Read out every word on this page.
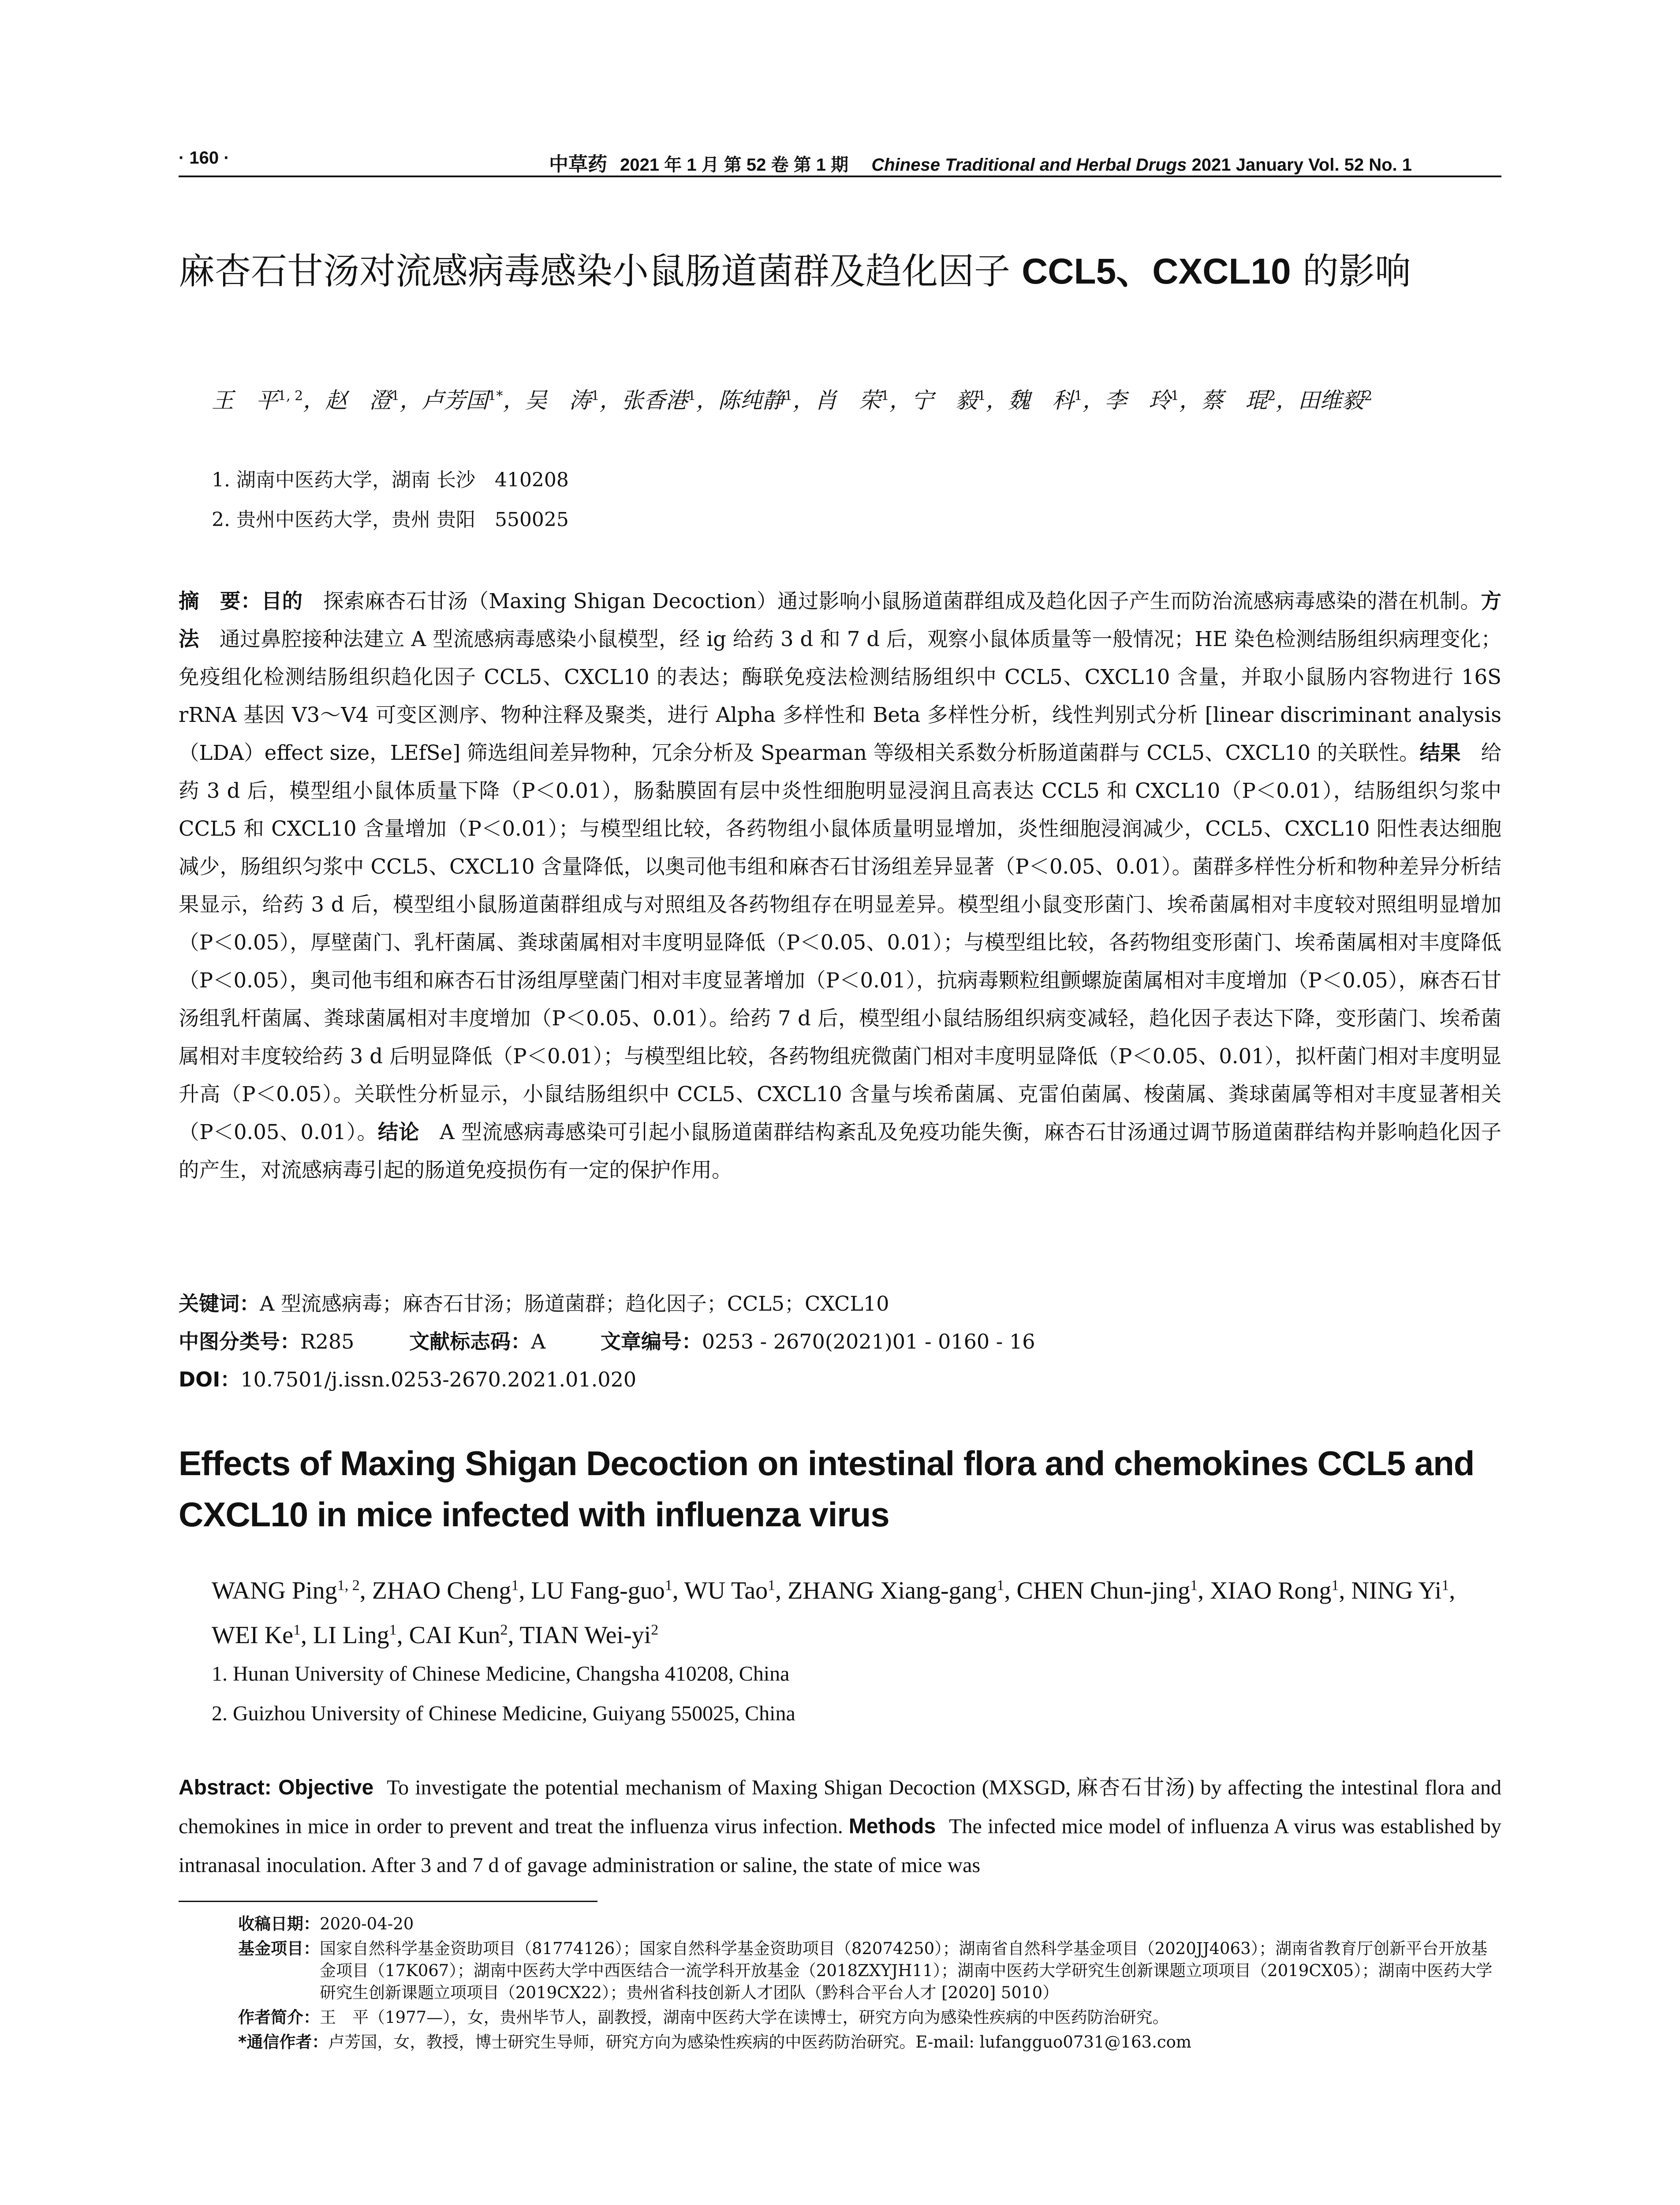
· 160 ·	中草药 2021 年 1 月 第 52 卷 第 1 期 Chinese Traditional and Herbal Drugs 2021 January Vol. 52 No. 1
麻杏石甘汤对流感病毒感染小鼠肠道菌群及趋化因子 CCL5、CXCL10 的影响
王　平$^{1, 2}$，赵　澄$^1$，卢芳国$^{1*}$，吴　涛$^1$，张香港$^1$，陈纯静$^1$，肖　荣$^1$，宁　毅$^1$，魏　科$^1$，李　玲$^1$，蔡　琨$^2$，田维毅$^2$
1. 湖南中医药大学，湖南 长沙　410208
2. 贵州中医药大学，贵州 贵阳　550025
摘　要：目的 探索麻杏石甘汤（Maxing Shigan Decoction）通过影响小鼠肠道菌群组成及趋化因子产生而防治流感病毒感染的潜在机制。方法 通过鼻腔接种法建立 A 型流感病毒感染小鼠模型，经 ig 给药 3 d 和 7 d 后，观察小鼠体质量等一般情况；HE 染色检测结肠组织病理变化；免疫组化检测结肠组织趋化因子 CCL5、CXCL10 的表达；酶联免疫法检测结肠组织中 CCL5、CXCL10 含量，并取小鼠肠内容物进行 16S rRNA 基因 V3～V4 可变区测序、物种注释及聚类，进行 Alpha 多样性和 Beta 多样性分析，线性判别式分析 [linear discriminant analysis（LDA）effect size，LEfSe] 筛选组间差异物种，冗余分析及 Spearman 等级相关系数分析肠道菌群与 CCL5、CXCL10 的关联性。结果 给药 3 d 后，模型组小鼠体质量下降（P＜0.01），肠黏膜固有层中炎性细胞明显浸润且高表达 CCL5 和 CXCL10（P＜0.01），结肠组织匀浆中 CCL5 和 CXCL10 含量增加（P＜0.01）；与模型组比较，各药物组小鼠体质量明显增加，炎性细胞浸润减少，CCL5、CXCL10 阳性表达细胞减少，肠组织匀浆中 CCL5、CXCL10 含量降低，以奥司他韦组和麻杏石甘汤组差异显著（P＜0.05、0.01）。菌群多样性分析和物种差异分析结果显示，给药 3 d 后，模型组小鼠肠道菌群组成与对照组及各药物组存在明显差异。模型组小鼠变形菌门、埃希菌属相对丰度较对照组明显增加（P＜0.05），厚壁菌门、乳杆菌属、粪球菌属相对丰度明显降低（P＜0.05、0.01）；与模型组比较，各药物组变形菌门、埃希菌属相对丰度降低（P＜0.05），奥司他韦组和麻杏石甘汤组厚壁菌门相对丰度显著增加（P＜0.01），抗病毒颗粒组颤螺旋菌属相对丰度增加（P＜0.05），麻杏石甘汤组乳杆菌属、粪球菌属相对丰度增加（P＜0.05、0.01）。给药 7 d 后，模型组小鼠结肠组织病变减轻，趋化因子表达下降，变形菌门、埃希菌属相对丰度较给药 3 d 后明显降低（P＜0.01）；与模型组比较，各药物组疣微菌门相对丰度明显降低（P＜0.05、0.01），拟杆菌门相对丰度明显升高（P＜0.05）。关联性分析显示，小鼠结肠组织中 CCL5、CXCL10 含量与埃希菌属、克雷伯菌属、梭菌属、粪球菌属等相对丰度显著相关（P＜0.05、0.01）。结论 A 型流感病毒感染可引起小鼠肠道菌群结构紊乱及免疫功能失衡，麻杏石甘汤通过调节肠道菌群结构并影响趋化因子的产生，对流感病毒引起的肠道免疫损伤有一定的保护作用。
关键词：A 型流感病毒；麻杏石甘汤；肠道菌群；趋化因子；CCL5；CXCL10
中图分类号：R285	文献标志码：A	文章编号：0253 - 2670(2021)01 - 0160 - 16
DOI：10.7501/j.issn.0253-2670.2021.01.020
Effects of Maxing Shigan Decoction on intestinal flora and chemokines CCL5 and CXCL10 in mice infected with influenza virus
WANG Ping$^{1, 2}$, ZHAO Cheng$^1$, LU Fang-guo$^1$, WU Tao$^1$, ZHANG Xiang-gang$^1$, CHEN Chun-jing$^1$, XIAO Rong$^1$, NING Yi$^1$, WEI Ke$^1$, LI Ling$^1$, CAI Kun$^2$, TIAN Wei-$yi^2$
1. Hunan University of Chinese Medicine, Changsha 410208, China
2. Guizhou University of Chinese Medicine, Guiyang 550025, China
Abstract: Objective To investigate the potential mechanism of Maxing Shigan Decoction (MXSGD, 麻杏石甘汤) by affecting the intestinal flora and chemokines in mice in order to prevent and treat the influenza virus infection. Methods The infected mice model of influenza A virus was established by intranasal inoculation. After 3 and 7 d of gavage administration or saline, the state of mice was
收稿日期： 2020-04-20
基金项目： 国家自然科学基金资助项目（81774126）；国家自然科学基金资助项目（82074250）；湖南省自然科学基金项目（2020JJ4063）；湖南省教育厅创新平台开放基金项目（17K067）；湖南中医药大学中西医结合一流学科开放基金（2018ZXYJH11）；湖南中医药大学研究生创新课题立项项目（2019CX05）；湖南中医药大学研究生创新课题立项项目（2019CX22）；贵州省科技创新人才团队（黔科合平台人才 [2020] 5010）
作者简介： 王　平（1977—），女，贵州毕节人，副教授，湖南中医药大学在读博士，研究方向为感染性疾病的中医药防治研究。
*通信作者： 卢芳国，女，教授，博士研究生导师，研究方向为感染性疾病的中医药防治研究。E-mail: lufangguo0731@163.com
